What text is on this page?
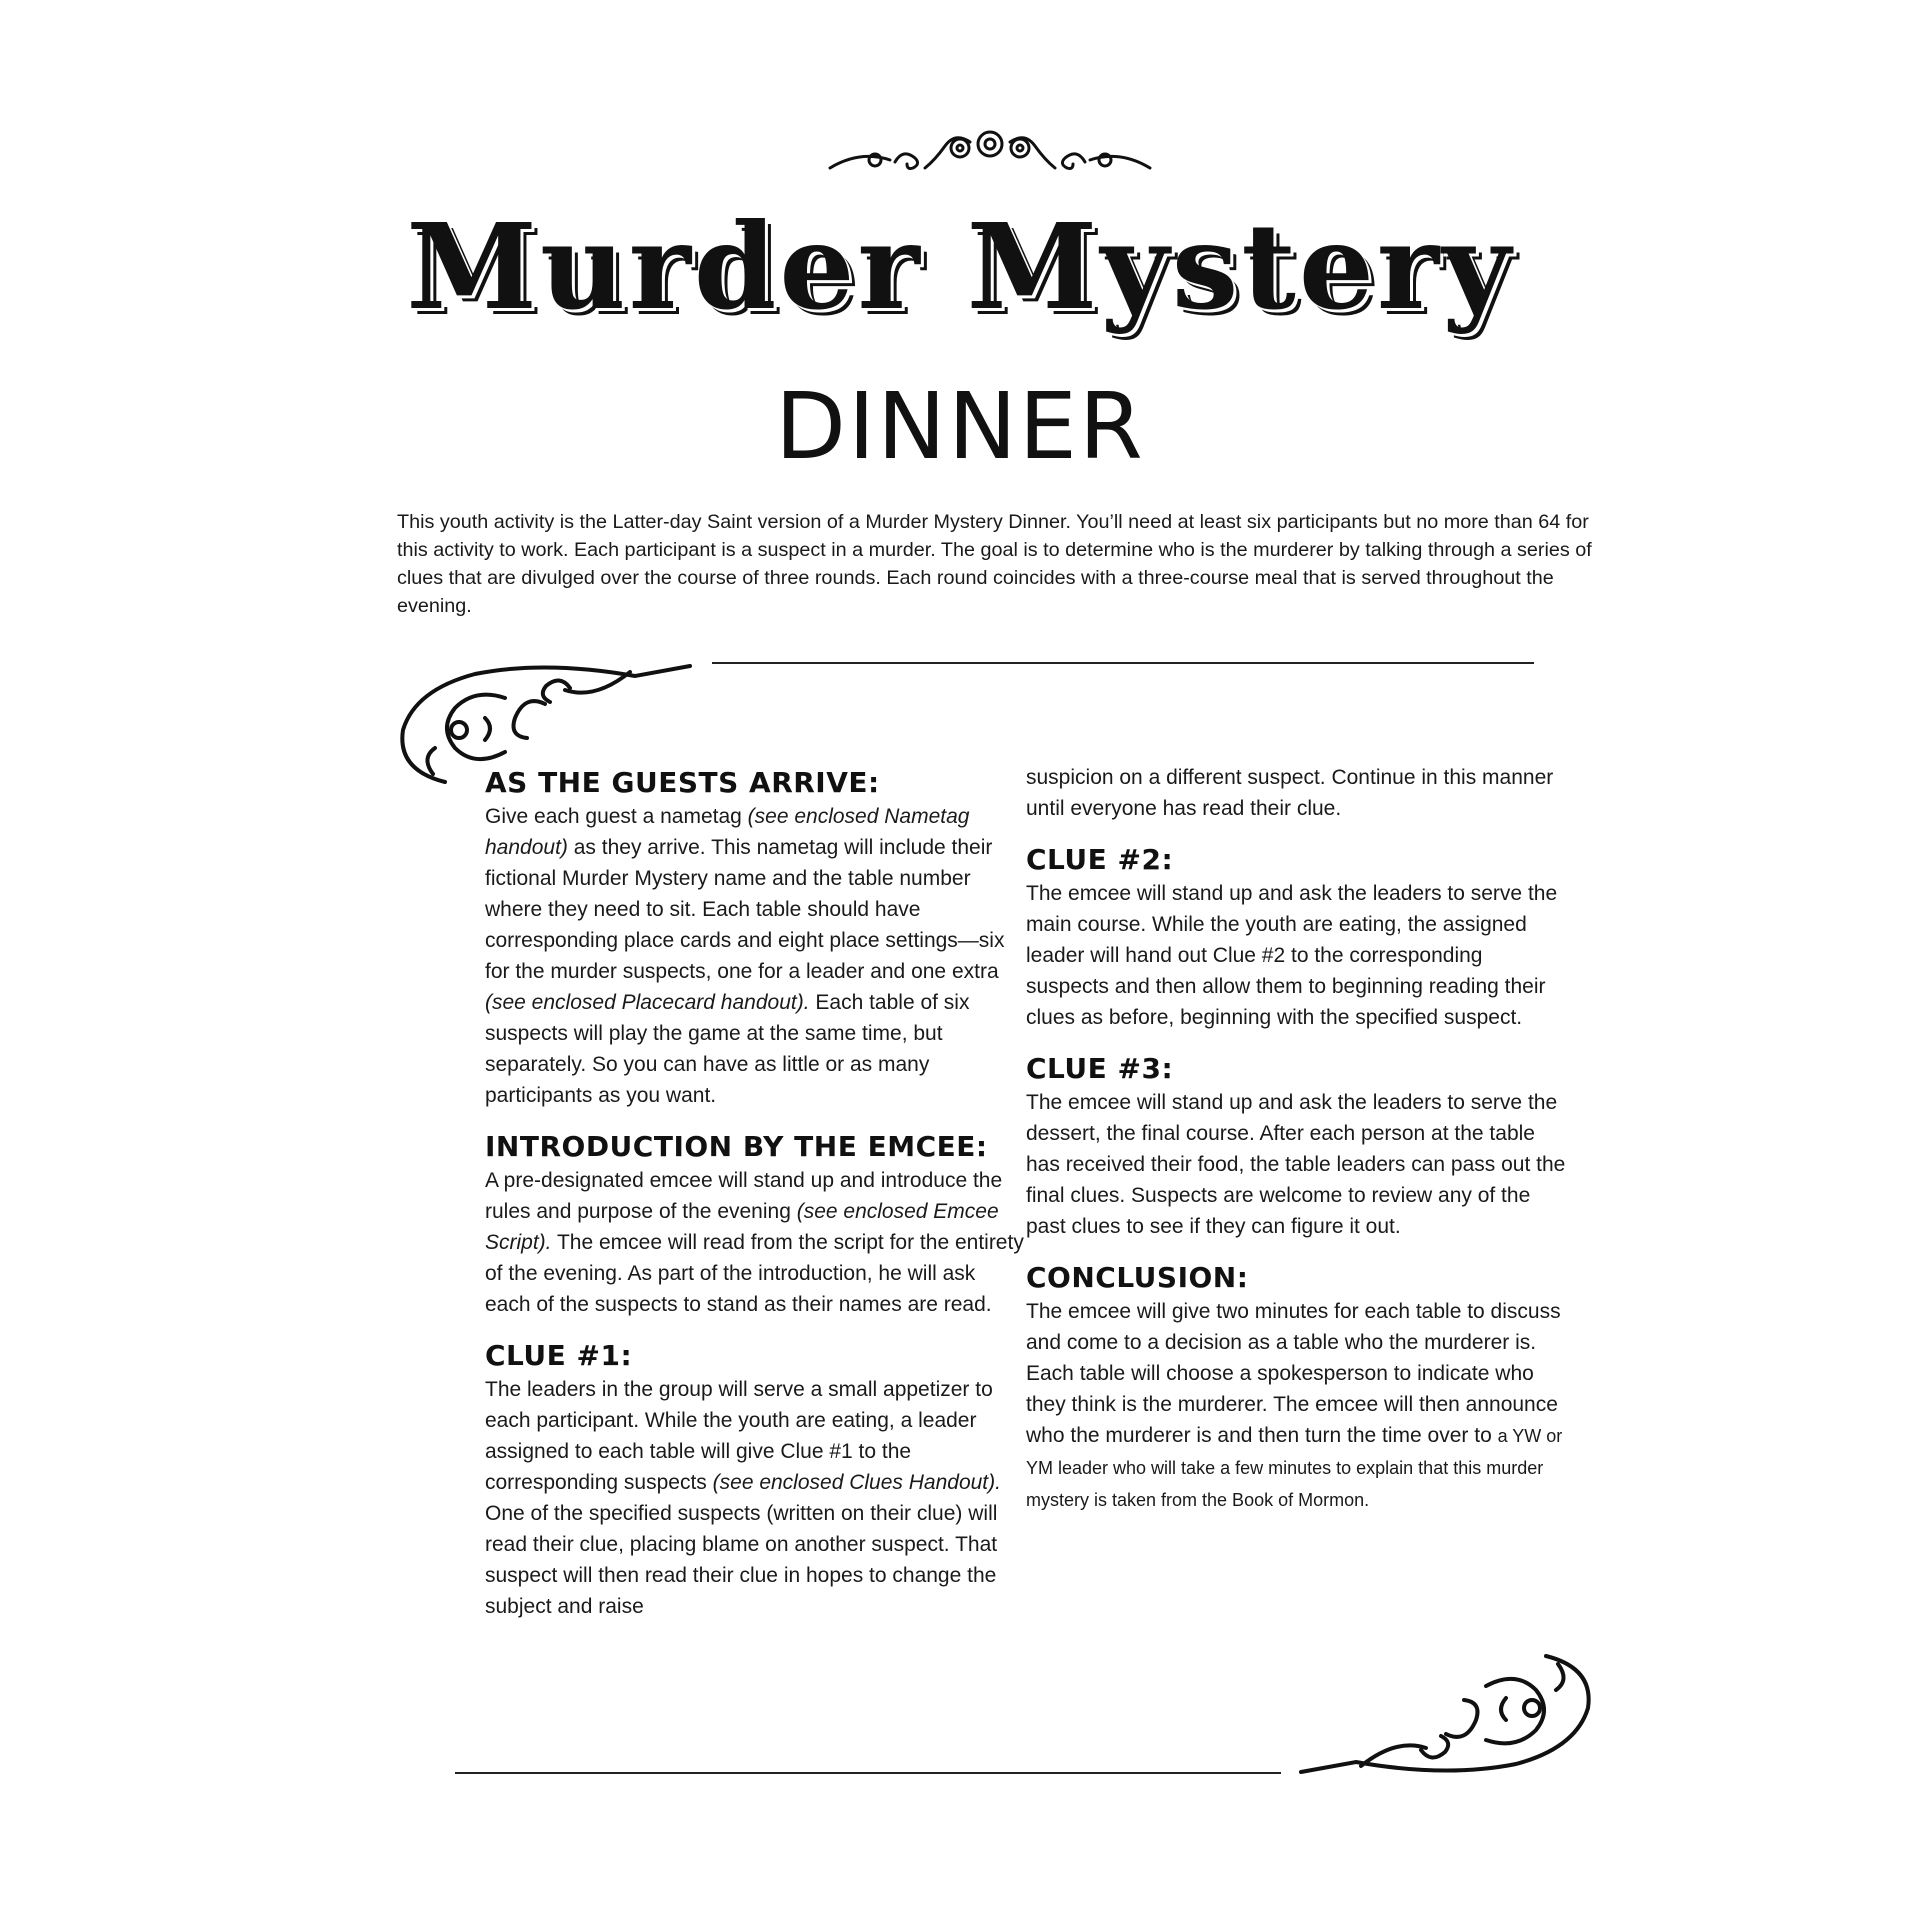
Murder Mystery
DINNER

This youth activity is the Latter-day Saint version of a Murder Mystery Dinner. You’ll need at least six participants but no more than 64 for this activity to work. Each participant is a suspect in a murder. The goal is to determine who is the murderer by talking through a series of clues that are divulged over the course of three rounds. Each round coincides with a three-course meal that is served throughout the evening.

AS THE GUESTS ARRIVE:

Give each guest a nametag (see enclosed Nametag handout) as they arrive. This nametag will include their fictional Murder Mystery name and the table number where they need to sit. Each table should have corresponding place cards and eight place settings—six for the murder suspects, one for a leader and one extra (see enclosed Placecard handout). Each table of six suspects will play the game at the same time, but separately. So you can have as little or as many participants as you want.

INTRODUCTION BY THE EMCEE:

A pre-designated emcee will stand up and introduce the rules and purpose of the evening (see enclosed Emcee Script). The emcee will read from the script for the entirety of the evening. As part of the introduction, he will ask each of the suspects to stand as their names are read.

CLUE #1:

The leaders in the group will serve a small appetizer to each participant. While the youth are eating, a leader assigned to each table will give Clue #1 to the corresponding suspects (see enclosed Clues Handout). One of the specified suspects (written on their clue) will read their clue, placing blame on another suspect. That suspect will then read their clue in hopes to change the subject and raise

suspicion on a different suspect. Continue in this manner until everyone has read their clue.

CLUE #2:

The emcee will stand up and ask the leaders to serve the main course. While the youth are eating, the assigned leader will hand out Clue #2 to the corresponding suspects and then allow them to beginning reading their clues as before, beginning with the specified suspect.

CLUE #3:

The emcee will stand up and ask the leaders to serve the dessert, the final course. After each person at the table has received their food, the table leaders can pass out the final clues. Suspects are welcome to review any of the past clues to see if they can figure it out.

CONCLUSION:

The emcee will give two minutes for each table to discuss and come to a decision as a table who the murderer is. Each table will choose a spokesperson to indicate who they think is the murderer. The emcee will then announce who the murderer is and then turn the time over to a YW or YM leader who will take a few minutes to explain that this murder mystery is taken from the Book of Mormon.
